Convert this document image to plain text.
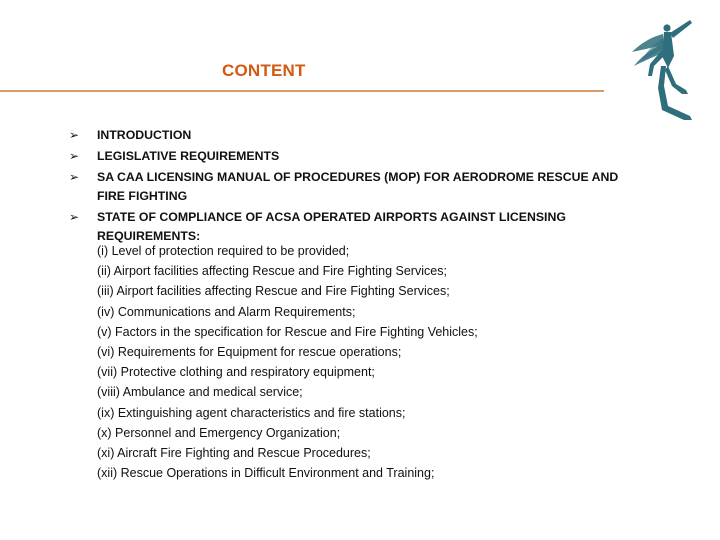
CONTENT
➢ INTRODUCTION
➢ LEGISLATIVE REQUIREMENTS
➢ SA CAA LICENSING MANUAL OF PROCEDURES (MOP) FOR AERODROME RESCUE AND FIRE FIGHTING
➢ STATE OF COMPLIANCE OF ACSA OPERATED AIRPORTS AGAINST LICENSING REQUIREMENTS:
(i) Level of protection required to be provided;
(ii) Airport facilities affecting Rescue and Fire Fighting Services;
(iii) Airport facilities affecting Rescue and Fire Fighting Services;
(iv) Communications and Alarm Requirements;
(v) Factors in the specification for Rescue and Fire Fighting Vehicles;
(vi) Requirements for Equipment for rescue operations;
(vii) Protective clothing and respiratory equipment;
(viii) Ambulance and medical service;
(ix) Extinguishing agent characteristics and fire stations;
(x) Personnel and Emergency Organization;
(xi) Aircraft Fire Fighting and Rescue Procedures;
(xii) Rescue Operations in Difficult Environment and Training;
